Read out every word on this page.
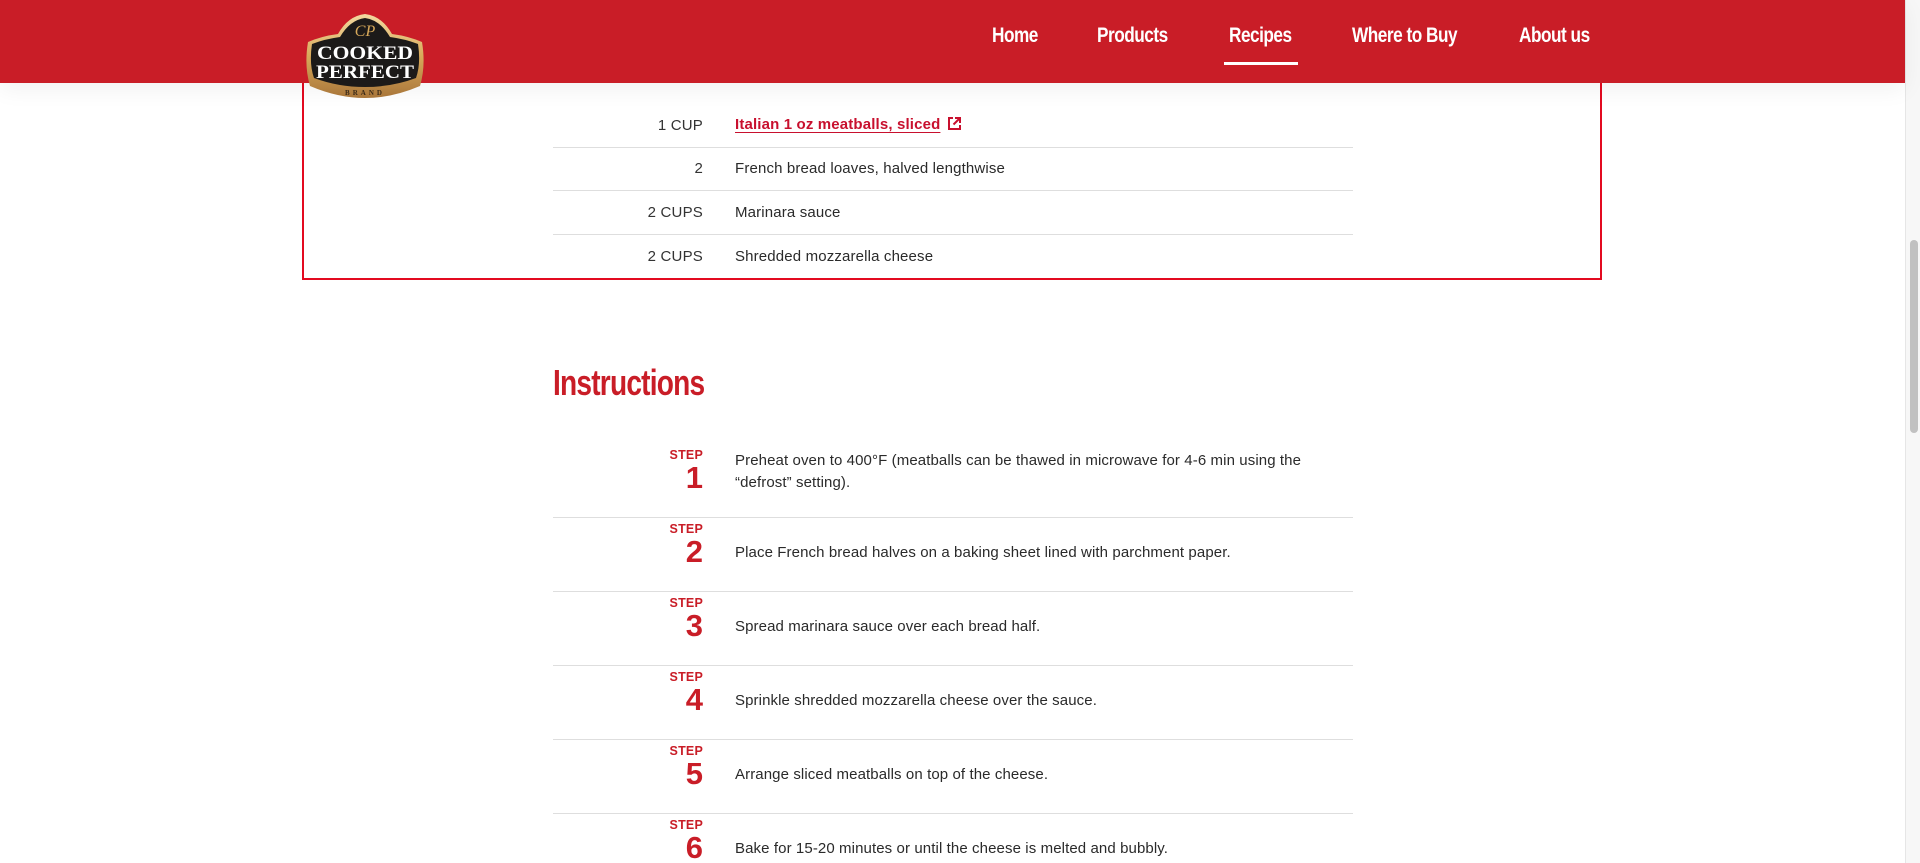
Home	Products	Recipes	Where to Buy	About us
CP
COOKED
PERFECT
BRAND
1 CUP Italian 1 oz meatballs, sliced
2 French bread loaves, halved lengthwise
2 CUPS Marinara sauce
2 CUPS Shredded mozzarella cheese
Instructions
STEP
1 Preheat oven to 400°F (meatballs can be thawed in microwave for 4-6 min using the “defrost” setting).
STEP
2 Place French bread halves on a baking sheet lined with parchment paper.
STEP
3 Spread marinara sauce over each bread half.
STEP
4 Sprinkle shredded mozzarella cheese over the sauce.
STEP
5 Arrange sliced meatballs on top of the cheese.
STEP
6 Bake for 15-20 minutes or until the cheese is melted and bubbly.
